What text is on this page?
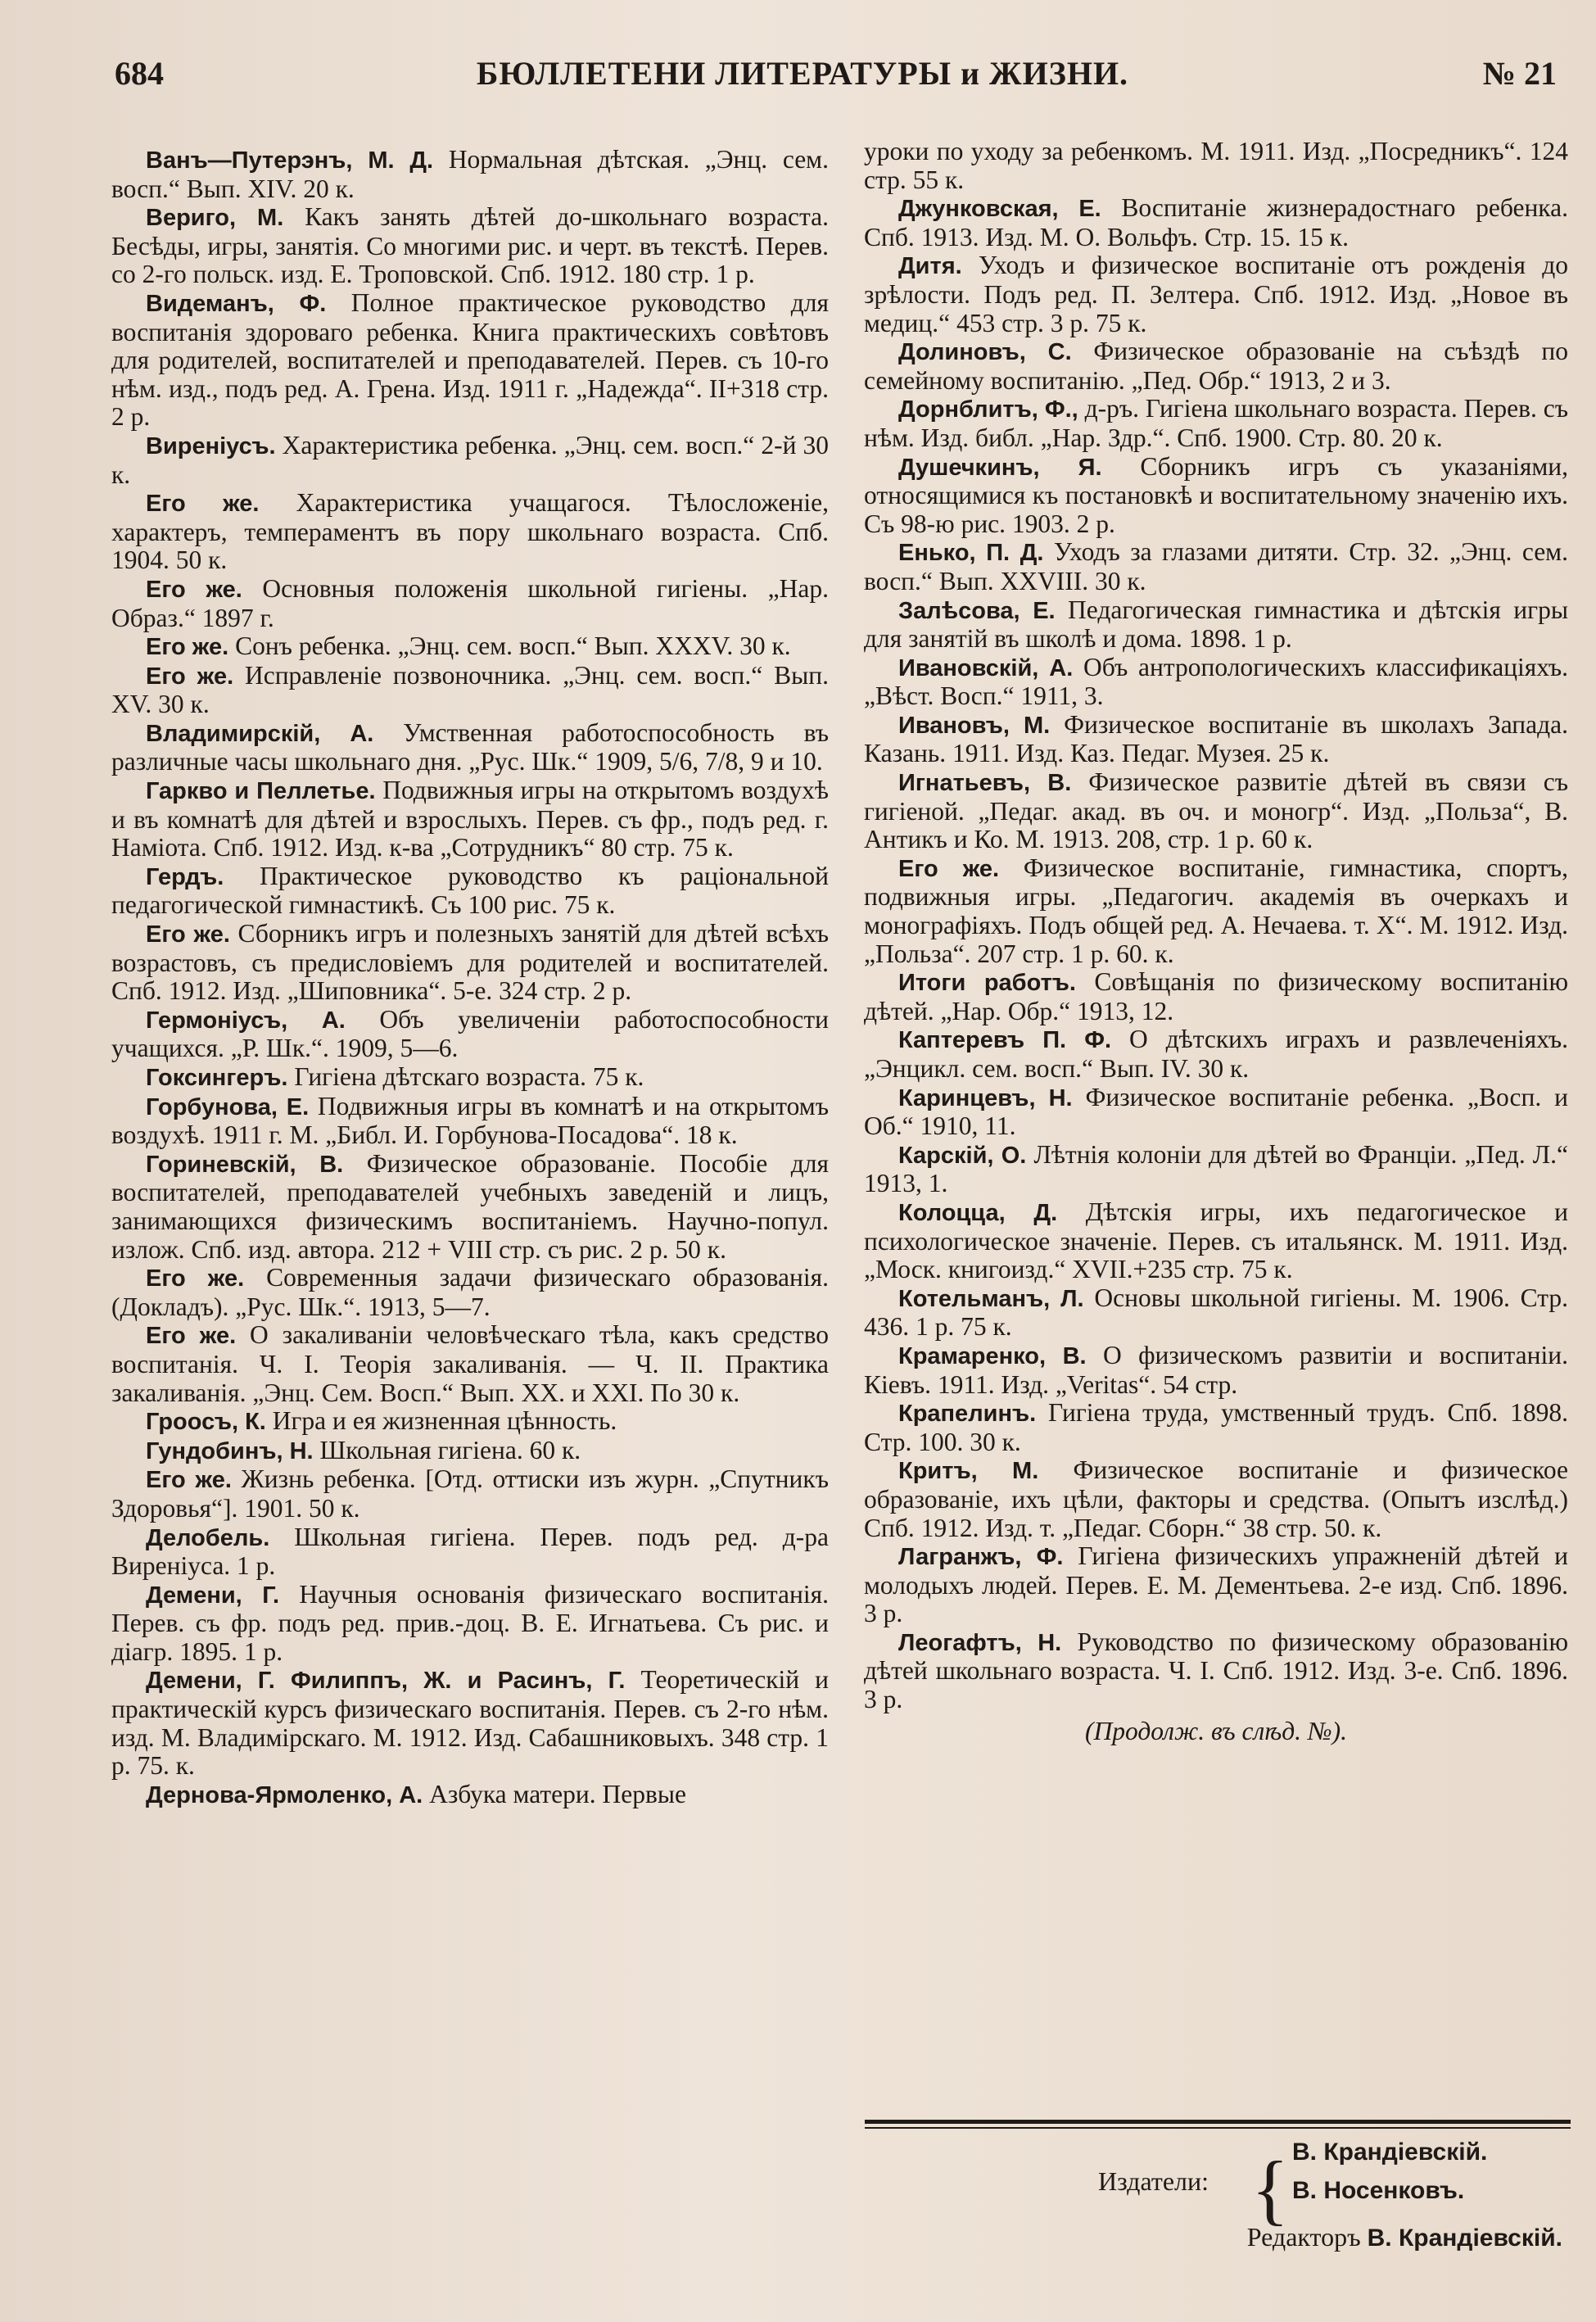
684	БЮЛЛЕТЕНИ ЛИТЕРАТУРЫ и ЖИЗНИ.	№ 21
Ванъ—Путерэнъ, М. Д. Нормальная дѣтская. „Энц. сем. восп.“ Вып. XIV. 20 к.
Вериго, М. Какъ занять дѣтей до-школьнаго возраста. Бесѣды, игры, занятія. Со многими рис. и черт. въ текстѣ. Перев. со 2-го польск. изд. Е. Троповской. Спб. 1912. 180 стр. 1 р.
Видеманъ, Ф. Полное практическое руководство для воспитанія здороваго ребенка. Книга практическихъ совѣтовъ для родителей, воспитателей и преподавателей. Перев. съ 10-го нѣм. изд., подъ ред. А. Грена. Изд. 1911 г. „Надежда“. II+318 стр. 2 р.
Виреніусъ. Характеристика ребенка. „Энц. сем. восп.“ 2-й 30 к.
Его же. Характеристика учащагося. Тѣлосложеніе, характеръ, темпераментъ въ пору школьнаго возраста. Спб. 1904. 50 к.
Его же. Основныя положенія школьной гигіены. „Нар. Образ.“ 1897 г.
Его же. Сонъ ребенка. „Энц. сем. восп.“ Вып. XXXV. 30 к.
Его же. Исправленіе позвоночника. „Энц. сем. восп.“ Вып. XV. 30 к.
Владимирскій, А. Умственная работоспособность въ различные часы школьнаго дня. „Рус. Шк.“ 1909, 5/6, 7/8, 9 и 10.
Гаркво и Пеллетье. Подвижныя игры на открытомъ воздухѣ и въ комнатѣ для дѣтей и взрослыхъ. Перев. съ фр., подъ ред. г. Наміота. Спб. 1912. Изд. к-ва „Сотрудникъ“ 80 стр. 75 к.
Гердъ. Практическое руководство къ раціональной педагогической гимнастикѣ. Съ 100 рис. 75 к.
Его же. Сборникъ игръ и полезныхъ занятій для дѣтей всѣхъ возрастовъ, съ предисловіемъ для родителей и воспитателей. Спб. 1912. Изд. „Шиповника“. 5-е. 324 стр. 2 р.
Гермоніусъ, А. Объ увеличеніи работоспособности учащихся. „Р. Шк.“. 1909, 5—6.
Гоксингеръ. Гигіена дѣтскаго возраста. 75 к.
Горбунова, Е. Подвижныя игры въ комнатѣ и на открытомъ воздухѣ. 1911 г. М. „Библ. И. Горбунова-Посадова“. 18 к.
Гориневскій, В. Физическое образованіе. Пособіе для воспитателей, преподавателей учебныхъ заведеній и лицъ, занимающихся физическимъ воспитаніемъ. Научно-попул. излож. Спб. изд. автора. 212 + VIII стр. съ рис. 2 р. 50 к.
Его же. Современныя задачи физическаго образованія. (Докладъ). „Рус. Шк.“. 1913, 5—7.
Его же. О закаливаніи человѣческаго тѣла, какъ средство воспитанія. Ч. I. Теорія закаливанія. — Ч. II. Практика закаливанія. „Энц. Сем. Восп.“ Вып. XX. и XXI. По 30 к.
Гроосъ, К. Игра и ея жизненная цѣнность.
Гундобинъ, Н. Школьная гигіена. 60 к.
Его же. Жизнь ребенка. [Отд. оттиски изъ журн. „Спутникъ Здоровья“]. 1901. 50 к.
Делобель. Школьная гигіена. Перев. подъ ред. д-ра Виреніуса. 1 р.
Демени, Г. Научныя основанія физическаго воспитанія. Перев. съ фр. подъ ред. прив.-доц. В. Е. Игнатьева. Съ рис. и діагр. 1895. 1 р.
Демени, Г. Филиппъ, Ж. и Расинъ, Г. Теоретическій и практическій курсъ физическаго воспитанія. Перев. съ 2-го нѣм. изд. М. Владимірскаго. М. 1912. Изд. Сабашниковыхъ. 348 стр. 1 р. 75. к.
Дернова-Ярмоленко, А. Азбука матери. Первые
уроки по уходу за ребенкомъ. М. 1911. Изд. „Посредникъ“. 124 стр. 55 к.
Джунковская, Е. Воспитаніе жизнерадостнаго ребенка. Спб. 1913. Изд. М. О. Вольфъ. Стр. 15. 15 к.
Дитя. Уходъ и физическое воспитаніе отъ рожденія до зрѣлости. Подъ ред. П. Зелтера. Спб. 1912. Изд. „Новое въ медиц.“ 453 стр. 3 р. 75 к.
Долиновъ, С. Физическое образованіе на съѣздѣ по семейному воспитанію. „Пед. Обр.“ 1913, 2 и 3.
Дорнблитъ, Ф., д-ръ. Гигіена школьнаго возраста. Перев. съ нѣм. Изд. библ. „Нар. Здр.“. Спб. 1900. Стр. 80. 20 к.
Душечкинъ, Я. Сборникъ игръ съ указаніями, относящимися къ постановкѣ и воспитательному значенію ихъ. Съ 98-ю рис. 1903. 2 р.
Енько, П. Д. Уходъ за глазами дитяти. Стр. 32. „Энц. сем. восп.“ Вып. XXVIII. 30 к.
Залѣсова, Е. Педагогическая гимнастика и дѣтскія игры для занятій въ школѣ и дома. 1898. 1 р.
Ивановскій, А. Объ антропологическихъ классификаціяхъ. „Вѣст. Восп.“ 1911, 3.
Ивановъ, М. Физическое воспитаніе въ школахъ Запада. Казань. 1911. Изд. Каз. Педаг. Музея. 25 к.
Игнатьевъ, В. Физическое развитіе дѣтей въ связи съ гигіеной. „Педаг. акад. въ оч. и моногр“. Изд. „Польза“, В. Антикъ и Ко. М. 1913. 208, стр. 1 р. 60 к.
Его же. Физическое воспитаніе, гимнастика, спортъ, подвижныя игры. „Педагогич. академія въ очеркахъ и монографіяхъ. Подъ общей ред. А. Нечаева. т. X“. М. 1912. Изд. „Польза“. 207 стр. 1 р. 60. к.
Итоги работъ. Совѣщанія по физическому воспитанію дѣтей. „Нар. Обр.“ 1913, 12.
Каптеревъ П. Ф. О дѣтскихъ играхъ и развлеченіяхъ. „Энцикл. сем. восп.“ Вып. IV. 30 к.
Каринцевъ, Н. Физическое воспитаніе ребенка. „Восп. и Об.“ 1910, 11.
Карскій, О. Лѣтнія колоніи для дѣтей во Франціи. „Пед. Л.“ 1913, 1.
Колоцца, Д. Дѣтскія игры, ихъ педагогическое и психологическое значеніе. Перев. съ итальянск. М. 1911. Изд. „Моск. книгоизд.“ XVII.+235 стр. 75 к.
Котельманъ, Л. Основы школьной гигіены. М. 1906. Стр. 436. 1 р. 75 к.
Крамаренко, В. О физическомъ развитіи и воспитаніи. Кіевъ. 1911. Изд. „Veritas“. 54 стр.
Крапелинъ. Гигіена труда, умственный трудъ. Спб. 1898. Стр. 100. 30 к.
Критъ, М. Физическое воспитаніе и физическое образованіе, ихъ цѣли, факторы и средства. (Опытъ изслѣд.) Спб. 1912. Изд. т. „Педаг. Сборн.“ 38 стр. 50. к.
Лагранжъ, Ф. Гигіена физическихъ упражненій дѣтей и молодыхъ людей. Перев. Е. М. Дементьева. 2-е изд. Спб. 1896. 3 р.
Леогафтъ, Н. Руководство по физическому образованію дѣтей школьнаго возраста. Ч. I. Спб. 1912. Изд. 3-е. Спб. 1896. 3 р.
(Продолж. въ слѣд. №).
Издатели: { В. Крандіевскій.
В. Носенковъ.
Редакторъ В. Крандіевскій.
